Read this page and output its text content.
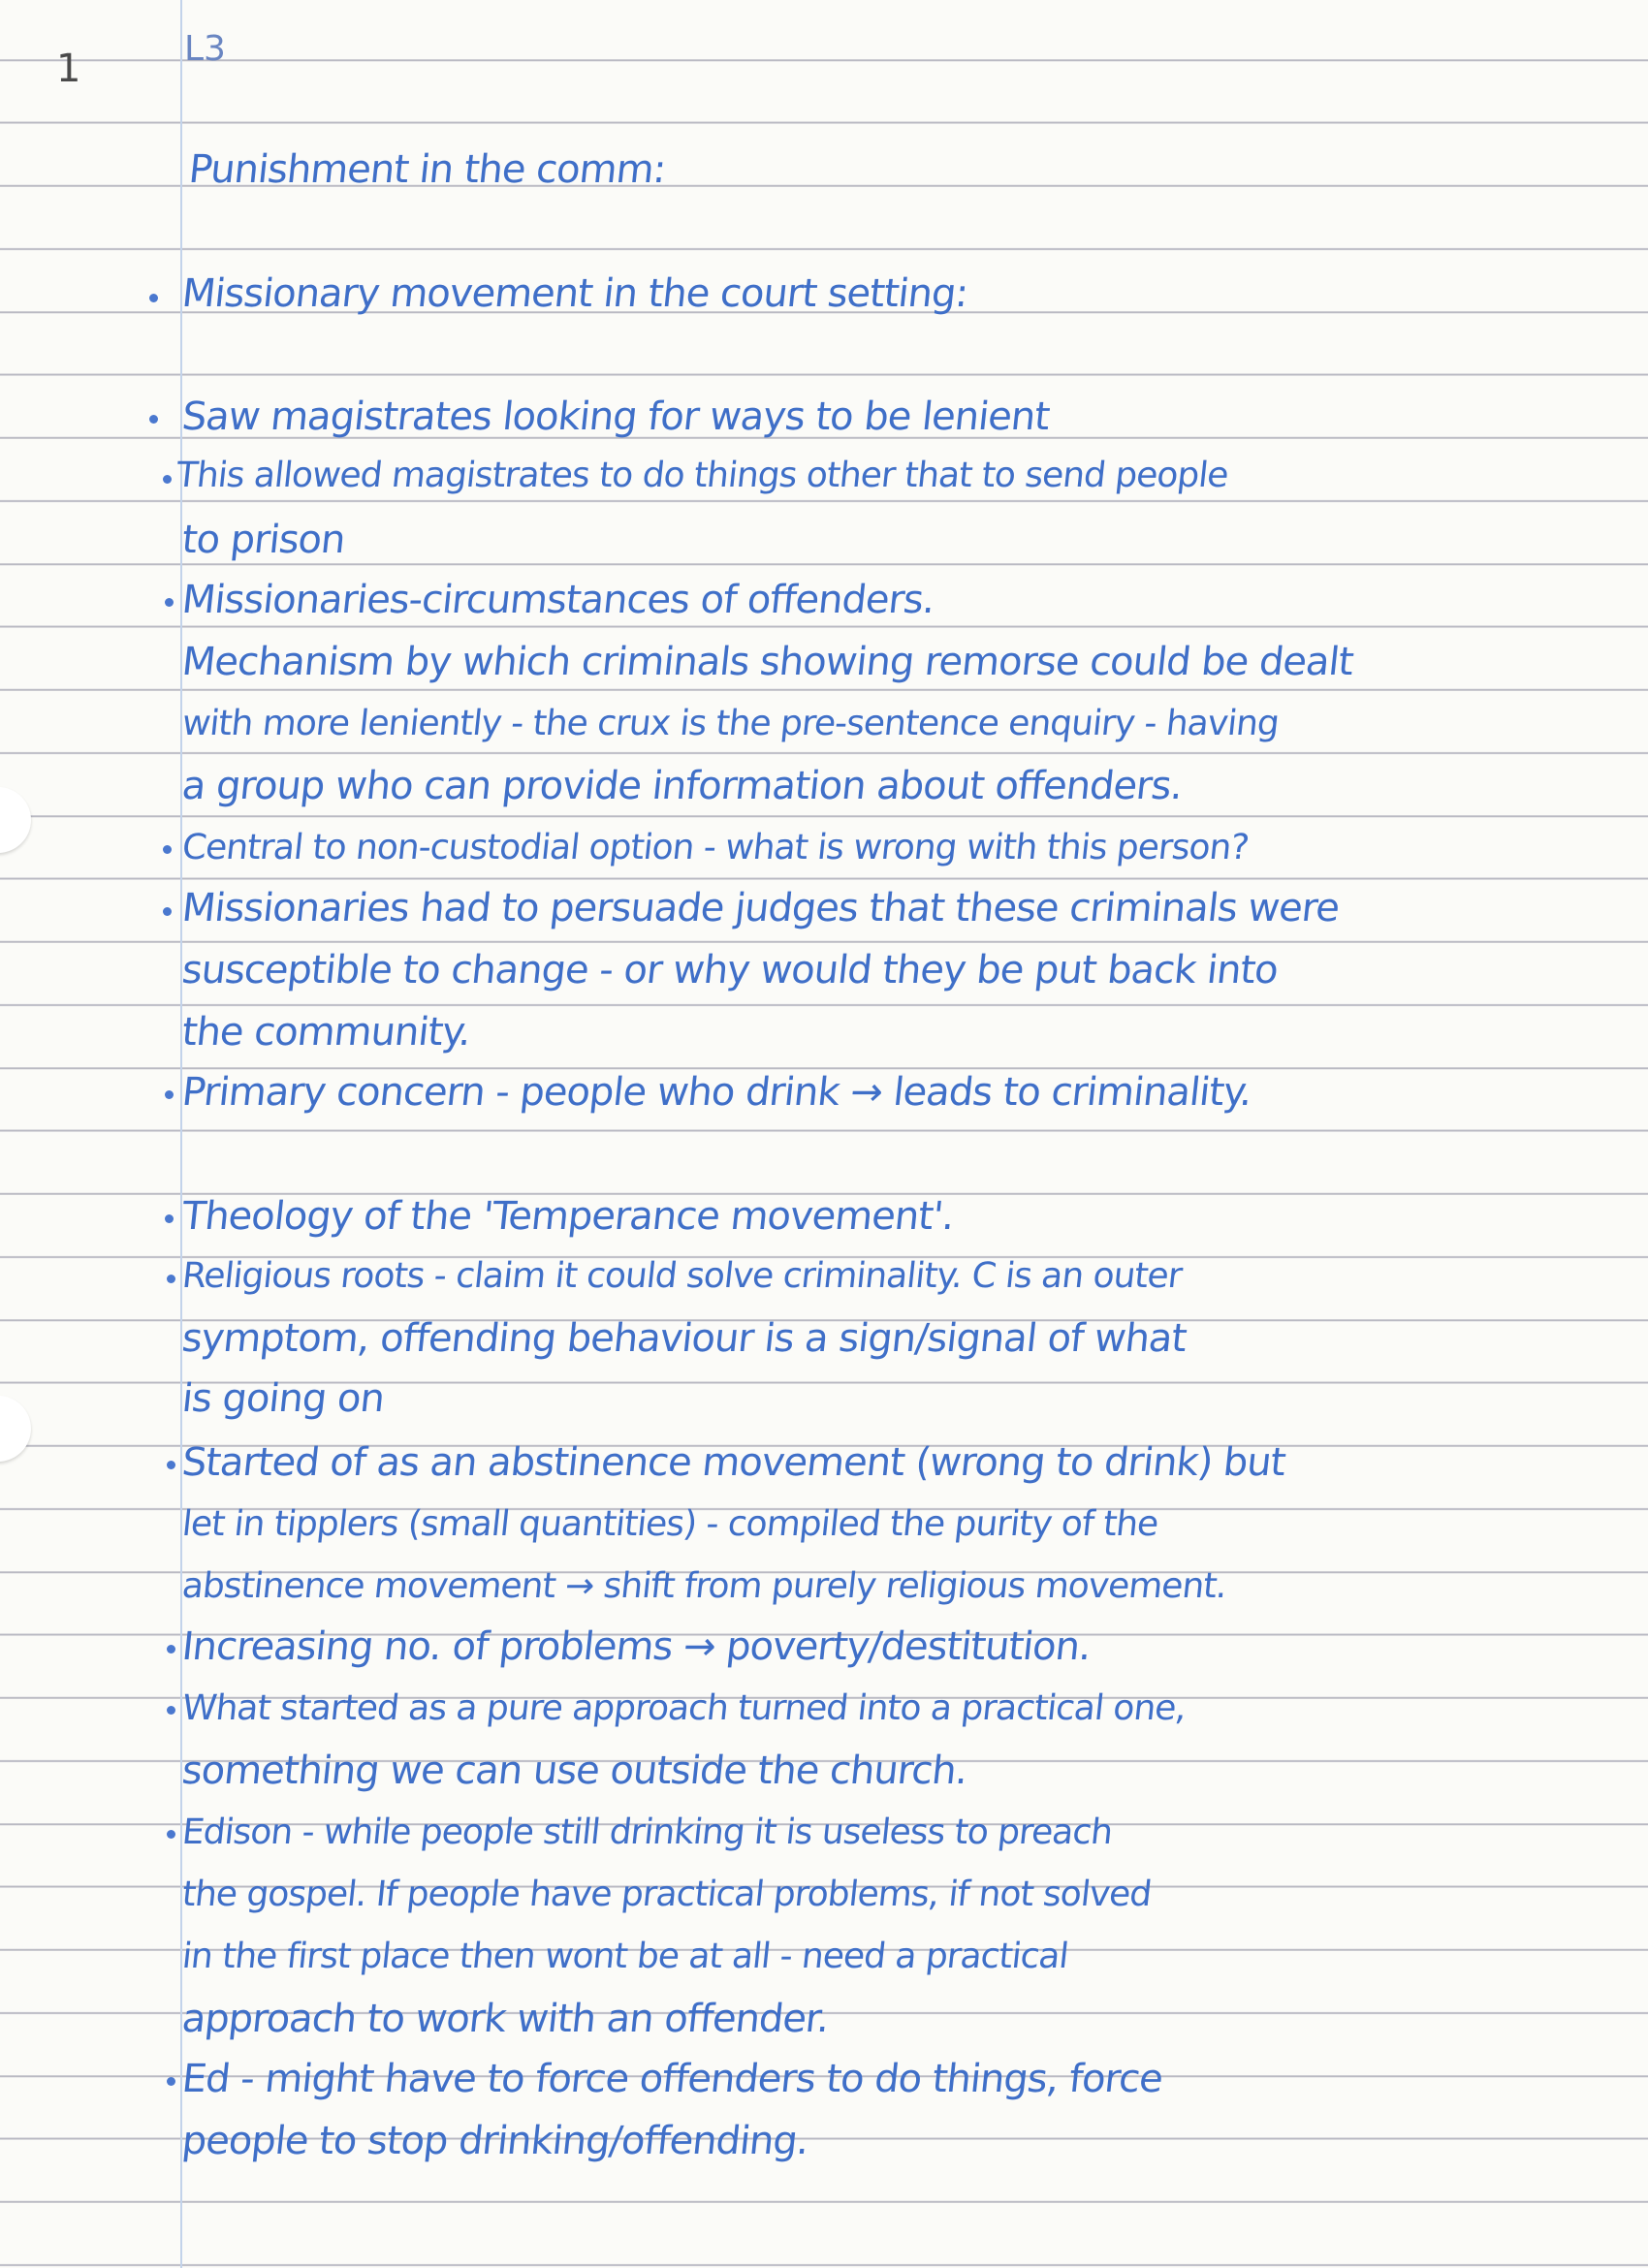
1	L3
Punishment in the comm:
Missionary movement in the court setting:
Saw magistrates looking for ways to be lenient
This allowed magistrates to do things other that to send people
to prison
Missionaries-circumstances of offenders.
Mechanism by which criminals showing remorse could be dealt
with more leniently - the crux is the pre-sentence enquiry - having
a group who can provide information about offenders.
Central to non-custodial option - what is wrong with this person?
Missionaries had to persuade judges that these criminals were
susceptible to change - or why would they be put back into
the community.
Primary concern - people who drink → leads to criminality.
Theology of the 'Temperance movement'.
Religious roots - claim it could solve criminality. C is an outer
symptom, offending behaviour is a sign/signal of what
is going on
Started of as an abstinence movement (wrong to drink) but
let in tipplers (small quantities) - compiled the purity of the
abstinence movement → shift from purely religious movement.
Increasing no. of problems → poverty/destitution.
What started as a pure approach turned into a practical one,
something we can use outside the church.
Edison - while people still drinking it is useless to preach
the gospel. If people have practical problems, if not solved
in the first place then wont be at all - need a practical
approach to work with an offender.
Ed - might have to force offenders to do things, force
people to stop drinking/offending.
